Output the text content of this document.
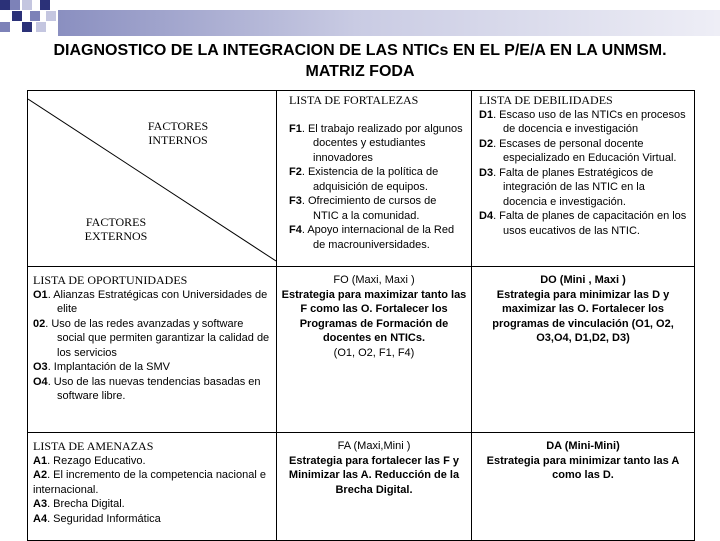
DIAGNOSTICO DE LA INTEGRACION DE LAS NTICs EN EL P/E/A EN LA UNMSM.
MATRIZ FODA
FACTORES
INTERNOS
FACTORES
EXTERNOS
LISTA DE FORTALEZAS
F1. El trabajo realizado por algunos docentes y estudiantes innovadores
F2. Existencia de la política de adquisición de equipos.
F3. Ofrecimiento de cursos de NTIC a la comunidad.
F4. Apoyo internacional de la Red de macrouniversidades.
LISTA DE DEBILIDADES
D1. Escaso uso de las NTICs en procesos de docencia e investigación
D2. Escases de personal docente especializado en Educación Virtual.
D3. Falta de planes Estratégicos de integración de las NTIC en la docencia e investigación.
D4. Falta de planes de capacitación en los usos eucativos de las NTIC.
LISTA DE OPORTUNIDADES
O1. Alianzas Estratégicas con Universidades de elite
02. Uso de las redes avanzadas y software social que permiten garantizar la calidad de los servicios
O3. Implantación de la SMV
O4. Uso de las nuevas tendencias basadas en software libre.
FO (Maxi, Maxi )
Estrategia para maximizar tanto las F como las O. Fortalecer los Programas de Formación de docentes en NTICs.
(O1, O2, F1, F4)
DO (Mini , Maxi )
Estrategia para minimizar las D y maximizar las O. Fortalecer los programas de vinculación (O1, O2, O3,O4, D1,D2, D3)
LISTA DE AMENAZAS
A1. Rezago Educativo.
A2. El incremento de la competencia nacional e internacional.
A3. Brecha Digital.
A4. Seguridad Informática
FA (Maxi,Mini )
Estrategia para fortalecer las F y Minimizar las A. Reducción de la Brecha Digital.
DA (Mini-Mini)
Estrategia para minimizar tanto las A como las D.
